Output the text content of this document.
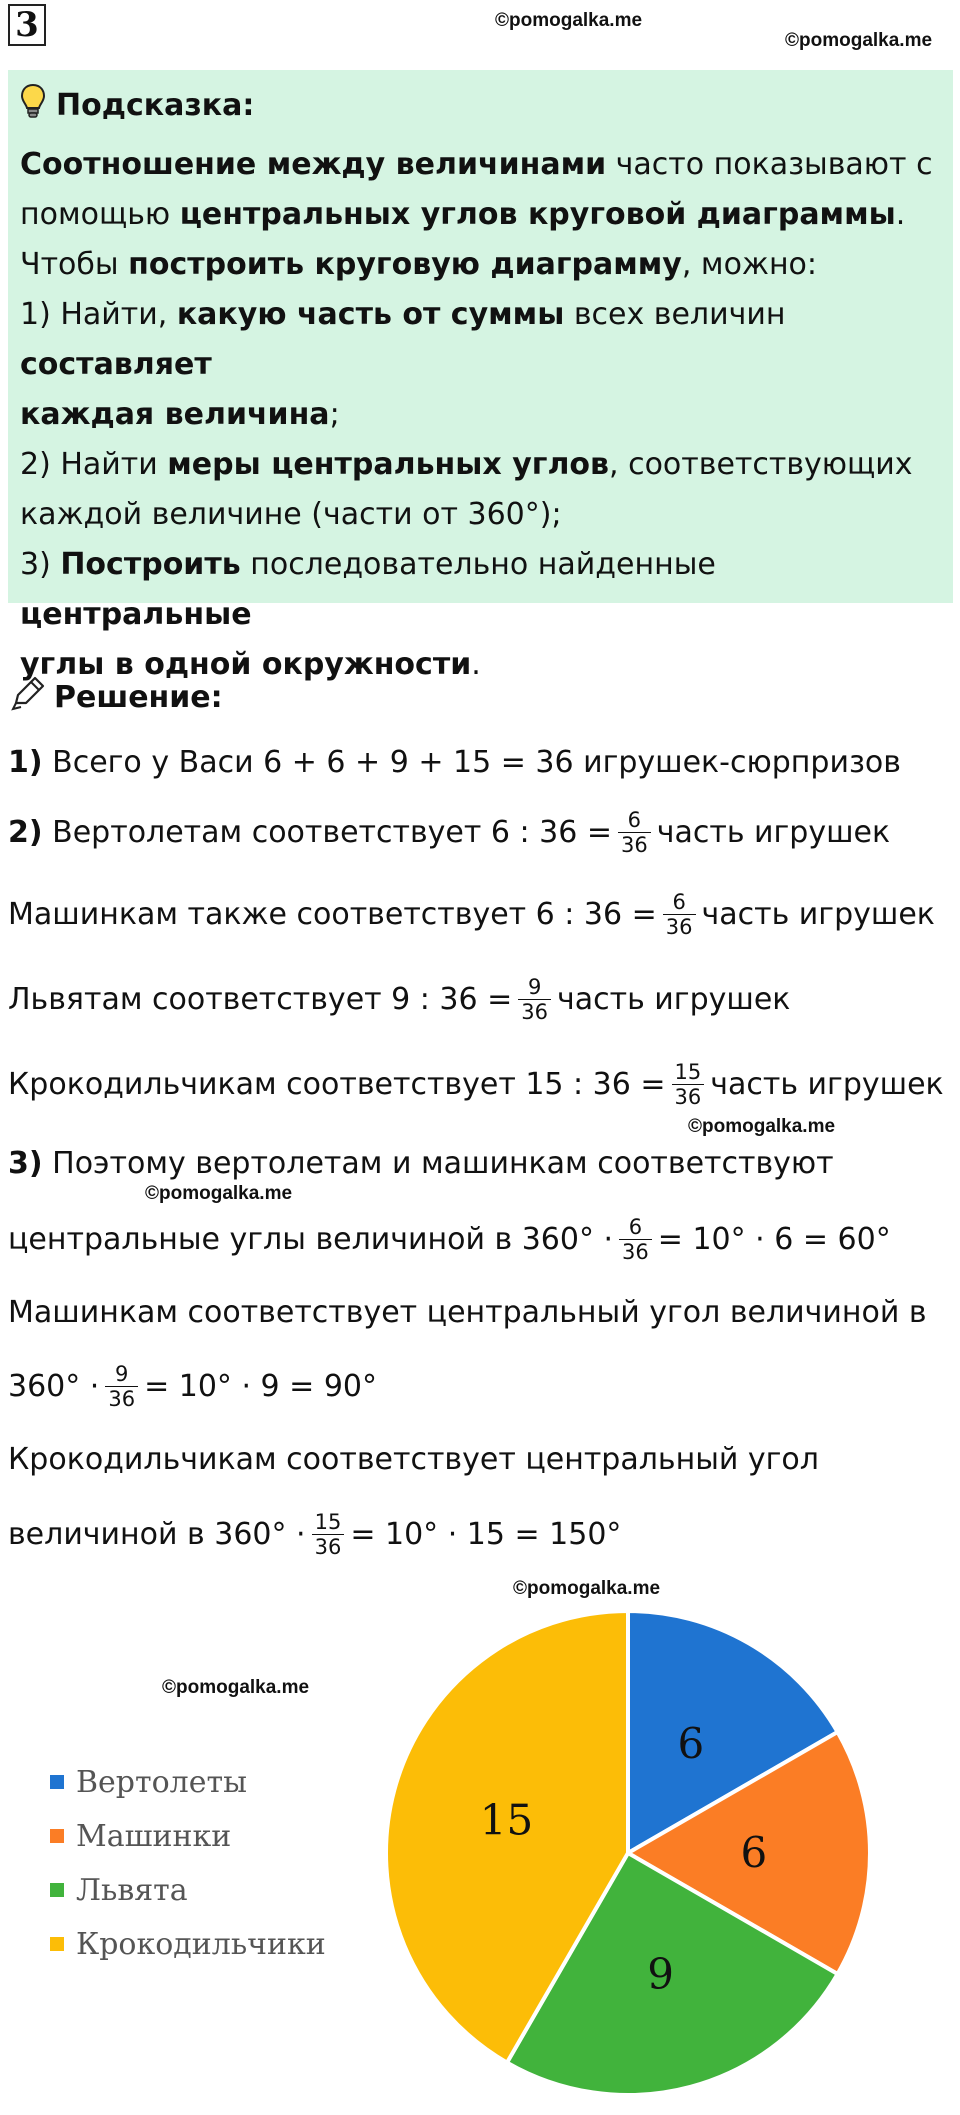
3	©pomogalka.me
©pomogalka.me
Подсказка:

Соотношение между величинами часто показывают с

помощью центральных углов круговой диаграммы.

Чтобы построить круговую диаграмму, можно:

1) Найти, какую часть от суммы всех величин составляет

каждая величина;

2) Найти меры центральных углов, соответствующих

каждой величине (части от 360°);

3) Построить последовательно найденные центральные

углы в одной окружности.

Решение:
1)
Всего у Васи 6 + 6 + 9 + 15 = 36 игрушек-сюрпризов
2)
Вертолетам соответствует 6 : $36 = \frac{6}{36}$ часть игрушек
Машинкам также соответствует 6 : $36 = \frac{6}{36}$ часть игрушек
Львятам соответствует 9 : $36 = \frac{9}{36}$ часть игрушек
Крокодильчикам соответствует 15 : $36 = \frac{15}{36}$ часть игрушек
©pomogalka.me
3)
Поэтому вертолетам и машинкам соответствуют
©pomogalka.me
центральные углы величиной в $360^\circ \cdot \frac{6}{36} = 10^\circ \cdot 6 = 60^\circ$
Машинкам соответствует центральный угол величиной в
$360^\circ \cdot \frac{9}{36} = 10^\circ \cdot 9 = 90^\circ$
Крокодильчикам соответствует центральный угол
величиной в $360^\circ \cdot \frac{15}{36} = 10^\circ \cdot 15 = 150^\circ$
©pomogalka.me
©pomogalka.me
Вертолеты
Машинки
Львята
Крокодильчики
6
6
9
15
